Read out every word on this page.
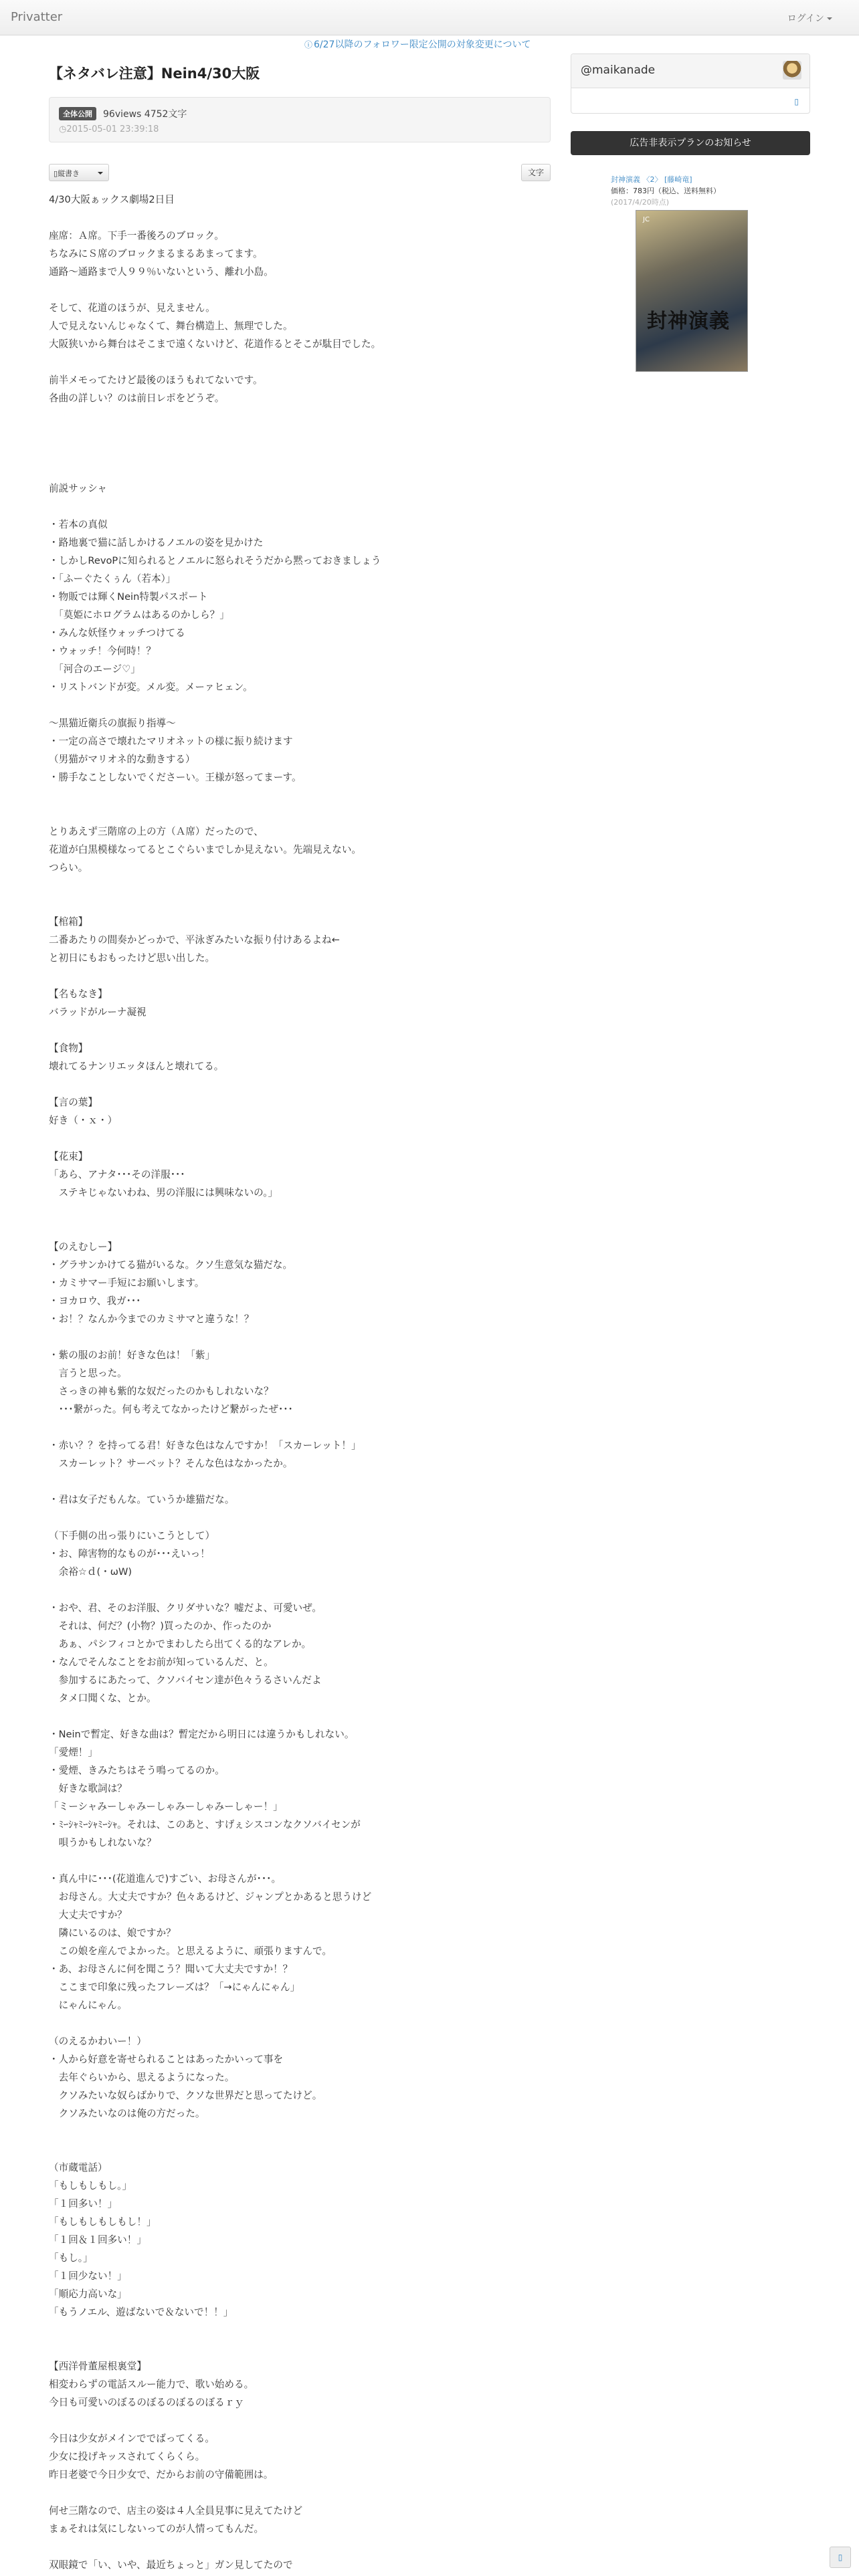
Privatter	ログイン
ⓘ 6/27以降のフォロワー限定公開の対象変更について
【ネタバレ注意】Nein4/30大阪
全体公開	96views 4752文字
◷2015-05-01 23:39:18
▯縦書き	文字
4/30大阪ぁックス劇場2日目

座席：Ａ席。下手一番後ろのブロック。
ちなみにＳ席のブロックまるまるあまってます。
通路〜通路まで人９９％いないという、離れ小島。

そして、花道のほうが、見えません。
人で見えないんじゃなくて、舞台構造上、無理でした。
大阪狭いから舞台はそこまで遠くないけど、花道作るとそこが駄目でした。

前半メモってたけど最後のほうもれてないです。
各曲の詳しい？のは前日レポをどうぞ。

前説サッシャ

・若本の真似
・路地裏で猫に話しかけるノエルの姿を見かけた
・しかしRevoPに知られるとノエルに怒られそうだから黙っておきましょう
・「ふーぐたくぅん（若本）」
・物販では輝くNein特製パスポート
　「莫姫にホログラムはあるのかしら？」
・みんな妖怪ウォッチつけてる
・ウォッチ！今何時！？
　「河合のエージ♡」
・リストバンドが変。メル変。メーァヒェン。

〜黒猫近衛兵の旗振り指導〜
・一定の高さで壊れたマリオネットの様に振り続けます
（男猫がマリオネ的な動きする）
・勝手なことしないでくださーい。王様が怒ってまーす。

とりあえず三階席の上の方（Ａ席）だったので、
花道が白黒模様なってるとこぐらいまでしか見えない。先端見えない。
つらい。

【棺箱】
二番あたりの間奏かどっかで、平泳ぎみたいな振り付けあるよね←
と初日にもおもったけど思い出した。

【名もなき】
バラッドがルーナ凝視

【食物】
壊れてるナンリエッタほんと壊れてる。

【言の葉】
好き（・ｘ・）

【花束】
「あら、アナタ･･･その洋服･･･
　ステキじゃないわね、男の洋服には興味ないの。」

【のえむしー】
・グラサンかけてる猫がいるな。クソ生意気な猫だな。
・カミサマー手短にお願いします。
・ヨカロウ、我ガ･･･
・お！？なんか今までのカミサマと違うな！？

・紫の服のお前！好きな色は！「紫」
　言うと思った。
　さっきの神も紫的な奴だったのかもしれないな？
　･･･繋がった。何も考えてなかったけど繋がったぜ･･･

・赤い？？を持ってる君！好きな色はなんですか！「スカーレット！」
　スカーレット？サーベット？そんな色はなかったか。

・君は女子だもんな。ていうか雄猫だな。

（下手側の出っ張りにいこうとして）
・お、障害物的なものが･･･えいっ！
　余裕☆ｄ(・ωW)

・おや、君、そのお洋服、クリダサいな？嘘だよ、可愛いぜ。
　それは、何だ？(小物？)買ったのか、作ったのか
　あぁ、パシフィコとかでまわしたら出てくる的なアレか。
・なんでそんなことをお前が知っているんだ、と。
　参加するにあたって、クソバイセン達が色々うるさいんだよ
　タメ口聞くな、とか。

・Neinで暫定、好きな曲は？暫定だから明日には違うかもしれない。
「愛煙！」
・愛煙、きみたちはそう鳴ってるのか。
　好きな歌詞は？
「ミーシャみーしゃみーしゃみーしゃみーしゃー！」
・ﾐｰｼｬﾐｰｼｬﾐｰｼｬ。それは、このあと、すげぇシスコンなクソバイセンが
　唄うかもしれないな？

・真ん中に･･･(花道進んで)すごい、お母さんが･･･。
　お母さん。大丈夫ですか？色々あるけど、ジャンプとかあると思うけど
　大丈夫ですか？
　隣にいるのは、娘ですか？
　この娘を産んでよかった。と思えるように、頑張りますんで。
・あ、お母さんに何を聞こう？聞いて大丈夫ですか！？
　ここまで印象に残ったフレーズは？「→にゃんにゃん」
　にゃんにゃん。

（のえるかわいー！）
・人から好意を寄せられることはあったかいって事を
　去年ぐらいから、思えるようになった。
　クソみたいな奴らばかりで、クソな世界だと思ってたけど。
　クソみたいなのは俺の方だった。

（市蔵電話）
「もしもしもし。」
「１回多い！」
「もしもしもしもし！」
「１回＆１回多い！」
「もし。」
「１回少ない！」
「順応力高いな」
「もうノエル、遊ばないで＆ないで！！」

【西洋骨董屋根裏堂】
相変わらずの電話スルー能力で、歌い始める。
今日も可愛いのぼるのぼるのぼるのぼるｒｙ

今日は少女がメインででばってくる。
少女に投げキッスされてくらくら。
昨日老婆で今日少女で、だからお前の守備範囲は。

何せ三階なので、店主の姿は４人全員見事に見えてたけど
まぁそれは気にしないってのが人情ってもんだ。

双眼鏡で「い、いや、最近ちょっと」ガン見してたので
@maikanade
▯
広告非表示プランのお知らせ
封神演義 〈2〉 [藤崎竜]
価格：783円（税込、送料無料）
(2017/4/20時点)
JC
封神演義
▯
